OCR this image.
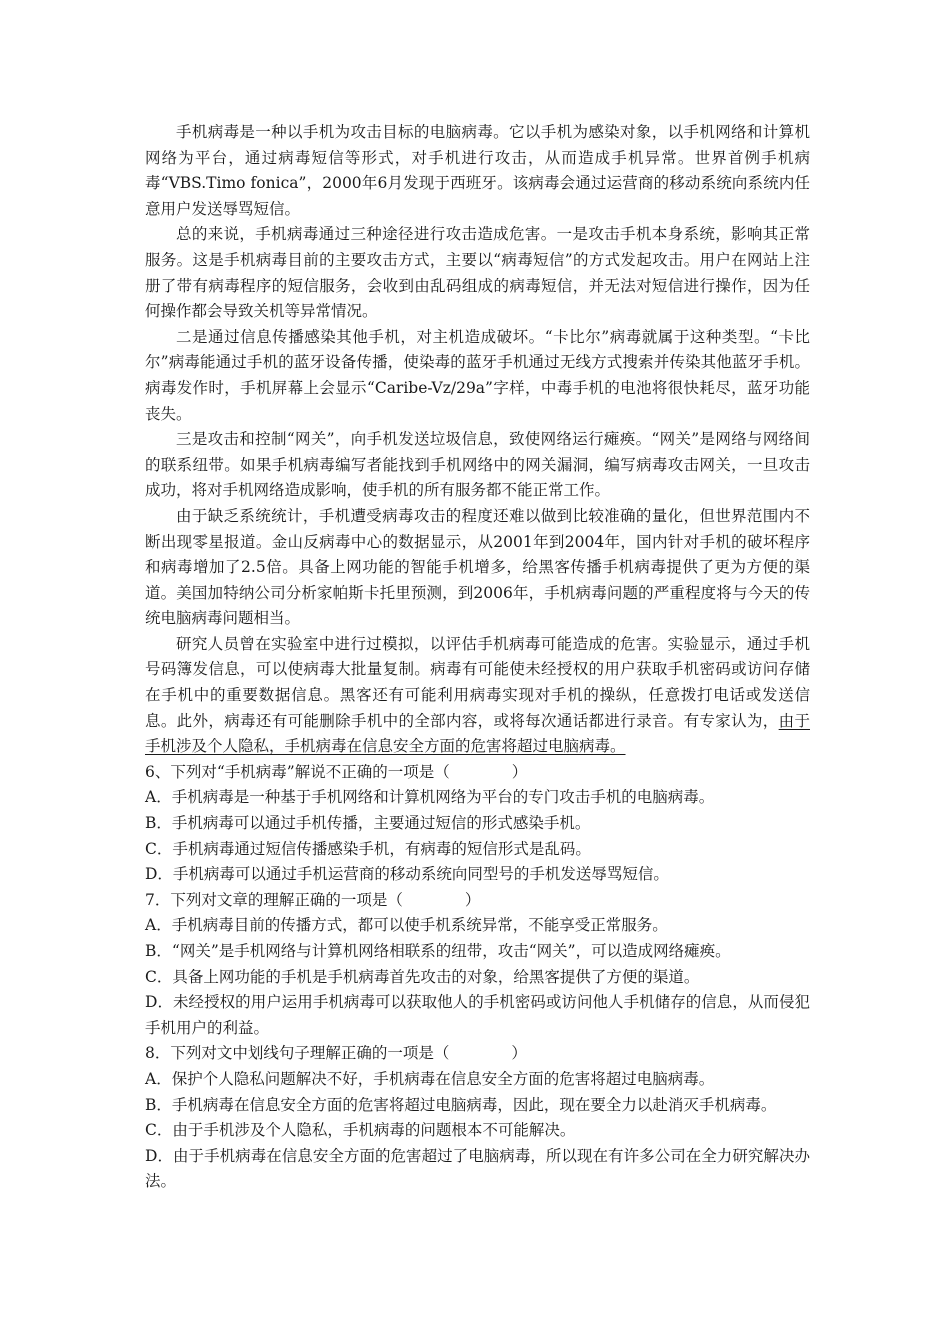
手机病毒是一种以手机为攻击目标的电脑病毒。它以手机为感染对象，以手机网络和计算机网络为平台，通过病毒短信等形式，对手机进行攻击，从而造成手机异常。世界首例手机病毒“VBS.Timo fonica”，2000年6月发现于西班牙。该病毒会通过运营商的移动系统向系统内任意用户发送辱骂短信。

总的来说，手机病毒通过三种途径进行攻击造成危害。一是攻击手机本身系统，影响其正常服务。这是手机病毒目前的主要攻击方式，主要以“病毒短信”的方式发起攻击。用户在网站上注册了带有病毒程序的短信服务，会收到由乱码组成的病毒短信，并无法对短信进行操作，因为任何操作都会导致关机等异常情况。

二是通过信息传播感染其他手机，对主机造成破坏。“卡比尔”病毒就属于这种类型。“卡比尔”病毒能通过手机的蓝牙设备传播，使染毒的蓝牙手机通过无线方式搜索并传染其他蓝牙手机。病毒发作时，手机屏幕上会显示“Caribe-Vz/29a”字样，中毒手机的电池将很快耗尽，蓝牙功能丧失。

三是攻击和控制“网关”，向手机发送垃圾信息，致使网络运行瘫痪。“网关”是网络与网络间的联系纽带。如果手机病毒编写者能找到手机网络中的网关漏洞，编写病毒攻击网关，一旦攻击成功，将对手机网络造成影响，使手机的所有服务都不能正常工作。

由于缺乏系统统计，手机遭受病毒攻击的程度还难以做到比较准确的量化，但世界范围内不断出现零星报道。金山反病毒中心的数据显示，从2001年到2004年，国内针对手机的破坏程序和病毒增加了2.5倍。具备上网功能的智能手机增多，给黑客传播手机病毒提供了更为方便的渠道。美国加特纳公司分析家帕斯卡托里预测，到2006年，手机病毒问题的严重程度将与今天的传统电脑病毒问题相当。

研究人员曾在实验室中进行过模拟，以评估手机病毒可能造成的危害。实验显示，通过手机号码簿发信息，可以使病毒大批量复制。病毒有可能使未经授权的用户获取手机密码或访问存储在手机中的重要数据信息。黑客还有可能利用病毒实现对手机的操纵，任意拨打电话或发送信息。此外，病毒还有可能删除手机中的全部内容，或将每次通话都进行录音。有专家认为，由于手机涉及个人隐私，手机病毒在信息安全方面的危害将超过电脑病毒。

6、下列对“手机病毒”解说不正确的一项是（　　　　）

A．手机病毒是一种基于手机网络和计算机网络为平台的专门攻击手机的电脑病毒。

B．手机病毒可以通过手机传播，主要通过短信的形式感染手机。

C．手机病毒通过短信传播感染手机，有病毒的短信形式是乱码。

D．手机病毒可以通过手机运营商的移动系统向同型号的手机发送辱骂短信。

7．下列对文章的理解正确的一项是（　　　　）

A．手机病毒目前的传播方式，都可以使手机系统异常，不能享受正常服务。

B．“网关”是手机网络与计算机网络相联系的纽带，攻击“网关”，可以造成网络瘫痪。

C．具备上网功能的手机是手机病毒首先攻击的对象，给黑客提供了方便的渠道。

D．未经授权的用户运用手机病毒可以获取他人的手机密码或访问他人手机储存的信息，从而侵犯手机用户的利益。

8．下列对文中划线句子理解正确的一项是（　　　　）

A．保护个人隐私问题解决不好，手机病毒在信息安全方面的危害将超过电脑病毒。

B．手机病毒在信息安全方面的危害将超过电脑病毒，因此，现在要全力以赴消灭手机病毒。

C．由于手机涉及个人隐私，手机病毒的问题根本不可能解决。

D．由于手机病毒在信息安全方面的危害超过了电脑病毒，所以现在有许多公司在全力研究解决办法。
